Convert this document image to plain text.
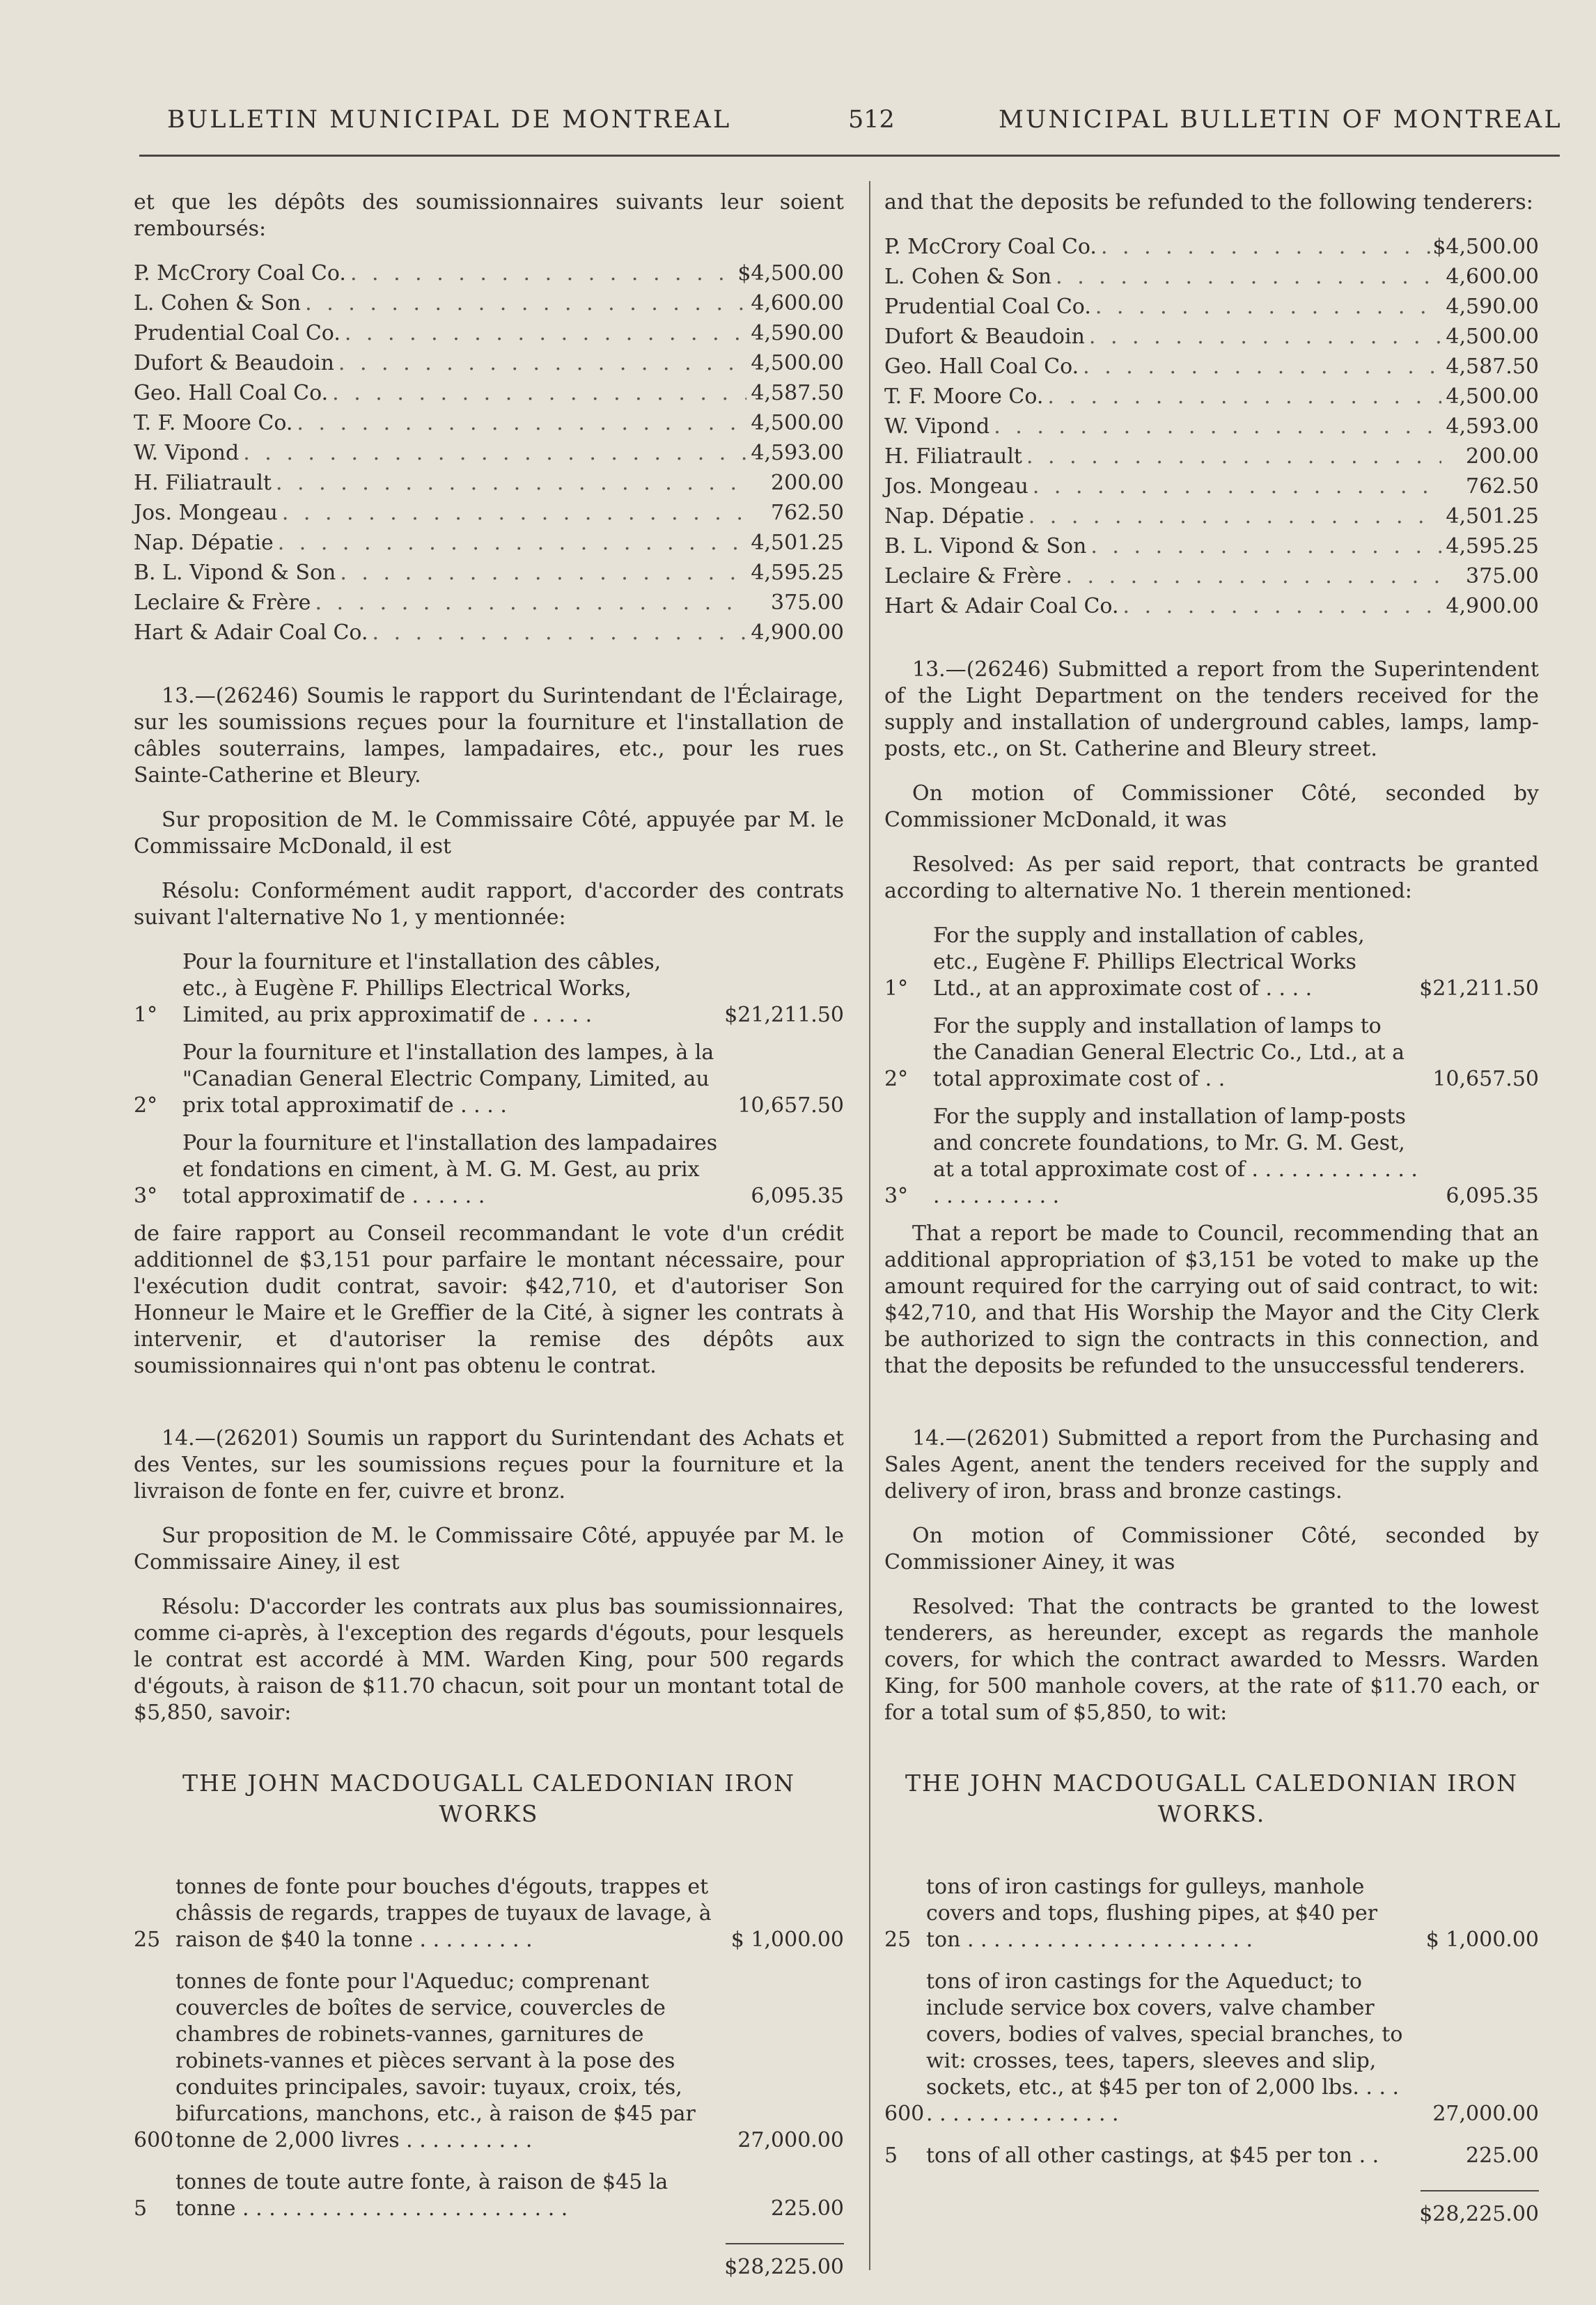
BULLETIN MUNICIPAL DE MONTREAL	512	MUNICIPAL BULLETIN OF MONTREAL

et que les dépôts des soumissionnaires suivants leur soient remboursés:

P. McCrory Coal Co. . . .	$4,500.00
L. Cohen & Son . . .	4,600.00
Prudential Coal Co. . . .	4,590.00
Dufort & Beaudoin . . .	4,500.00
Geo. Hall Coal Co. . . .	4,587.50
T. F. Moore Co. . . .	4,500.00
W. Vipond . . .	4,593.00
H. Filiatrault . . .	200.00
Jos. Mongeau . . .	762.50
Nap. Dépatie . . .	4,501.25
B. L. Vipond & Son . . .	4,595.25
Leclaire & Frère . . .	375.00
Hart & Adair Coal Co. . . .	4,900.00

13.—(26246) Soumis le rapport du Surintendant de l'Éclairage, sur les soumissions reçues pour la fourniture et l'installation de câbles souterrains, lampes, lampadaires, etc., pour les rues Sainte-Catherine et Bleury.

Sur proposition de M. le Commissaire Côté, appuyée par M. le Commissaire McDonald, il est

Résolu: Conformément audit rapport, d'accorder des contrats suivant l'alternative No 1, y mentionnée:

1°
Pour la fourniture et l'installation des câbles, etc., à Eugène F. Phillips Electrical Works, Limited, au prix approximatif de . . . . .	$21,211.50
2°
Pour la fourniture et l'installation des lampes, à la "Canadian General Electric Company, Limited, au prix total approximatif de . . . .	10,657.50
3°
Pour la fourniture et l'installation des lampadaires et fondations en ciment, à M. G. M. Gest, au prix total approximatif de . . . . . .	6,095.35

de faire rapport au Conseil recommandant le vote d'un crédit additionnel de $3,151 pour parfaire le montant nécessaire, pour l'exécution dudit contrat, savoir: $42,710, et d'autoriser Son Honneur le Maire et le Greffier de la Cité, à signer les contrats à intervenir, et d'autoriser la remise des dépôts aux soumissionnaires qui n'ont pas obtenu le contrat.

14.—(26201) Soumis un rapport du Surintendant des Achats et des Ventes, sur les soumissions reçues pour la fourniture et la livraison de fonte en fer, cuivre et bronz.

Sur proposition de M. le Commissaire Côté, appuyée par M. le Commissaire Ainey, il est

Résolu: D'accorder les contrats aux plus bas soumissionnaires, comme ci-après, à l'exception des regards d'égouts, pour lesquels le contrat est accordé à MM. Warden King, pour 500 regards d'égouts, à raison de $11.70 chacun, soit pour un montant total de $5,850, savoir:

THE JOHN MACDOUGALL CALEDONIAN IRON WORKS
25
tonnes de fonte pour bouches d'égouts, trappes et châssis de regards, trappes de tuyaux de lavage, à raison de $40 la tonne . . . . . . . . .	$ 1,000.00
600
tonnes de fonte pour l'Aqueduc; comprenant couvercles de boîtes de service, couvercles de chambres de robinets-vannes, garnitures de robinets-vannes et pièces servant à la pose des conduites principales, savoir: tuyaux, croix, tés, bifurcations, manchons, etc., à raison de $45 par tonne de 2,000 livres . . . . . . . . . .	27,000.00
5
tonnes de toute autre fonte, à raison de $45 la tonne . . . . . . . . . . . . . . . . . . . . . . . . .	225.00
$28,225.00

and that the deposits be refunded to the following tenderers:

P. McCrory Coal Co. . . .	$4,500.00
L. Cohen & Son . . .	4,600.00
Prudential Coal Co. . . .	4,590.00
Dufort & Beaudoin . . .	4,500.00
Geo. Hall Coal Co. . . .	4,587.50
T. F. Moore Co. . . .	4,500.00
W. Vipond . . .	4,593.00
H. Filiatrault . . .	200.00
Jos. Mongeau . . .	762.50
Nap. Dépatie . . .	4,501.25
B. L. Vipond & Son . . .	4,595.25
Leclaire & Frère . . .	375.00
Hart & Adair Coal Co. . . .	4,900.00

13.—(26246) Submitted a report from the Superintendent of the Light Department on the tenders received for the supply and installation of underground cables, lamps, lamp-posts, etc., on St. Catherine and Bleury street.

On motion of Commissioner Côté, seconded by Commissioner McDonald, it was

Resolved: As per said report, that contracts be granted according to alternative No. 1 therein mentioned:

1°
For the supply and installation of cables, etc., Eugène F. Phillips Electrical Works Ltd., at an approximate cost of . . . .	$21,211.50
2°
For the supply and installation of lamps to the Canadian General Electric Co., Ltd., at a total approximate cost of . .	10,657.50
3°
For the supply and installation of lamp-posts and concrete foundations, to Mr. G. M. Gest, at a total approximate cost of . . . . . . . . . . . . . . . . . . . . . . .	6,095.35

That a report be made to Council, recommending that an additional appropriation of $3,151 be voted to make up the amount required for the carrying out of said contract, to wit: $42,710, and that His Worship the Mayor and the City Clerk be authorized to sign the contracts in this connection, and that the deposits be refunded to the unsuccessful tenderers.

14.—(26201) Submitted a report from the Purchasing and Sales Agent, anent the tenders received for the supply and delivery of iron, brass and bronze castings.

On motion of Commissioner Côté, seconded by Commissioner Ainey, it was

Resolved: That the contracts be granted to the lowest tenderers, as hereunder, except as regards the manhole covers, for which the contract awarded to Messrs. Warden King, for 500 manhole covers, at the rate of $11.70 each, or for a total sum of $5,850, to wit:

THE JOHN MACDOUGALL CALEDONIAN IRON WORKS.
25
tons of iron castings for gulleys, manhole covers and tops, flushing pipes, at $40 per ton . . . . . . . . . . . . . . . . . . . . . .	$ 1,000.00
600
tons of iron castings for the Aqueduct; to include service box covers, valve chamber covers, bodies of valves, special branches, to wit: crosses, tees, tapers, sleeves and slip, sockets, etc., at $45 per ton of 2,000 lbs. . . . . . . . . . . . . . . . . . .	27,000.00
5	tons of all other castings, at $45 per ton . .	225.00
$28,225.00
